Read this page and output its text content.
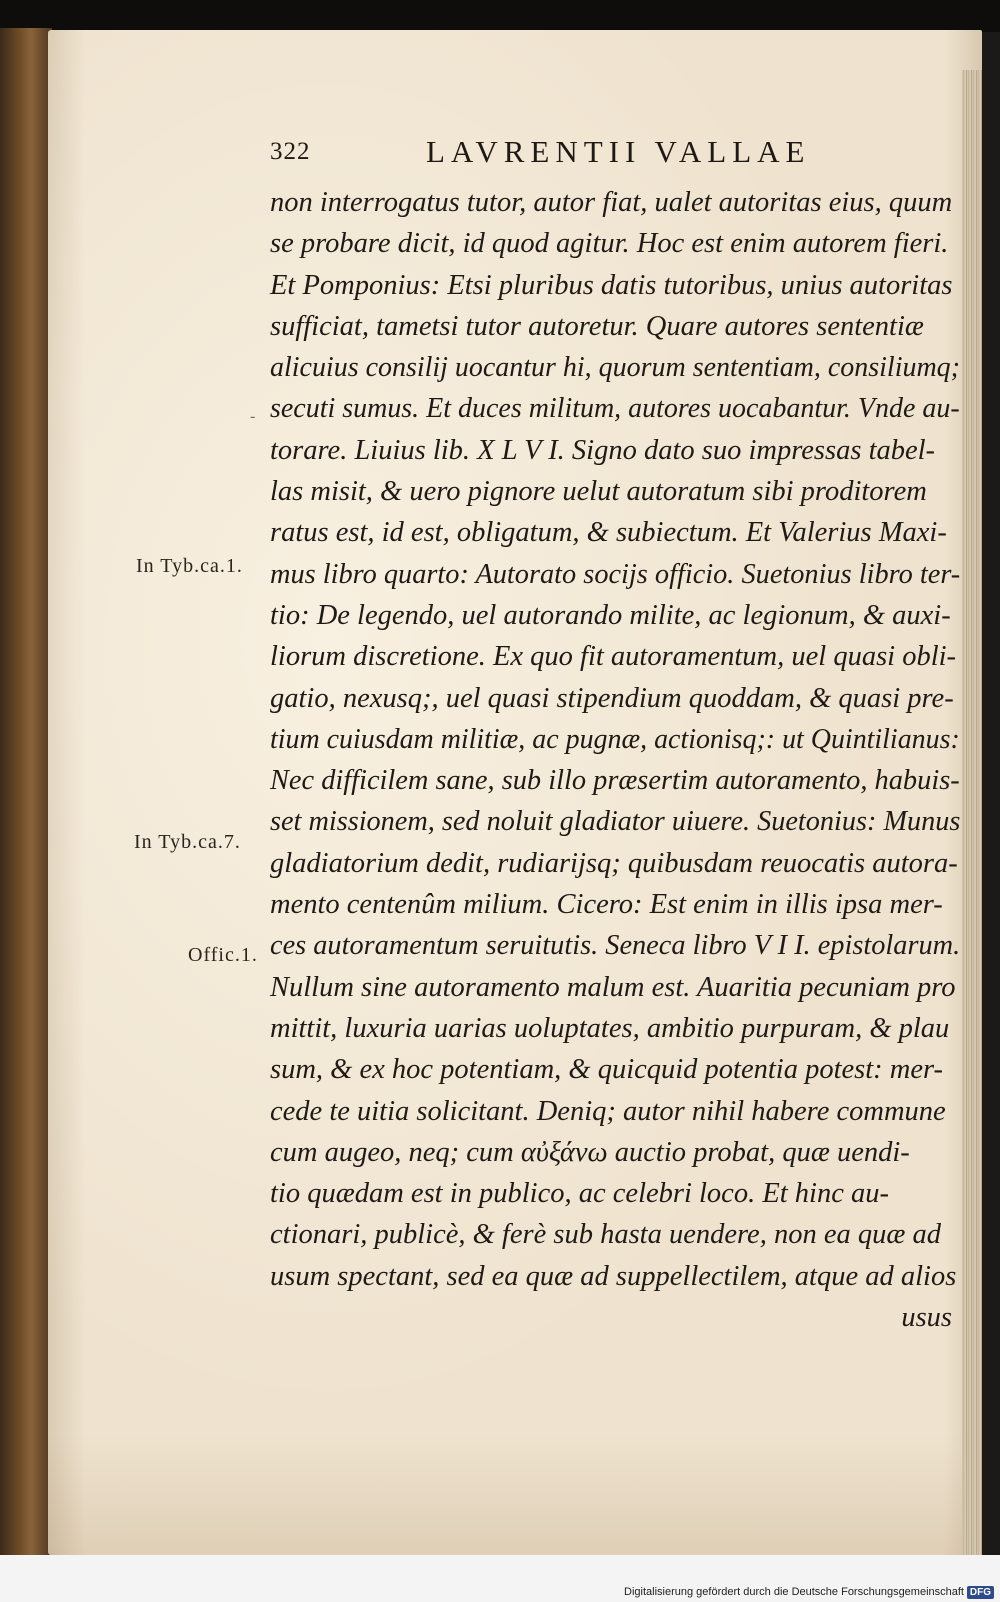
322	LAVRENTII VALLAE
non interrogatus tutor, autor fiat, ualet autoritas eius, quum
se probare dicit, id quod agitur. Hoc est enim autorem fieri.
Et Pomponius: Etsi pluribus datis tutoribus, unius autoritas
sufficiat, tametsi tutor autoretur. Quare autores sententiæ
alicuius consilij uocantur hi, quorum sententiam, consiliumq;
secuti sumus. Et duces militum, autores uocabantur. Vnde au-
torare. Liuius lib. X L V I. Signo dato suo impressas tabel-
las misit, & uero pignore uelut autoratum sibi proditorem
ratus est, id est, obligatum, & subiectum. Et Valerius Maxi-
mus libro quarto: Autorato socijs officio. Suetonius libro ter-
tio: De legendo, uel autorando milite, ac legionum, & auxi-
liorum discretione. Ex quo fit autoramentum, uel quasi obli-
gatio, nexusq;, uel quasi stipendium quoddam, & quasi pre-
tium cuiusdam militiæ, ac pugnæ, actionisq;: ut Quintilianus:
Nec difficilem sane, sub illo præsertim autoramento, habuis-
set missionem, sed noluit gladiator uiuere. Suetonius: Munus
gladiatorium dedit, rudiarijsq; quibusdam reuocatis autora-
mento centenûm milium. Cicero: Est enim in illis ipsa mer-
ces autoramentum seruitutis. Seneca libro V I I. epistolarum.
Nullum sine autoramento malum est. Auaritia pecuniam pro
mittit, luxuria uarias uoluptates, ambitio purpuram, & plau
sum, & ex hoc potentiam, & quicquid potentia potest: mer-
cede te uitia solicitant. Deniq; autor nihil habere commune
cum augeo, neq; cum αὐξάνω auctio probat, quæ uendi-
tio quædam est in publico, ac celebri loco. Et hinc au-
ctionari, publicè, & ferè sub hasta uendere, non ea quæ ad
usum spectant, sed ea quæ ad suppellectilem, atque ad alios
usus
In Tyb.ca.1.
In Tyb.ca.7.
Offic.1.
-
Digitalisierung gefördert durch die Deutsche Forschungsgemeinschaft DFG
